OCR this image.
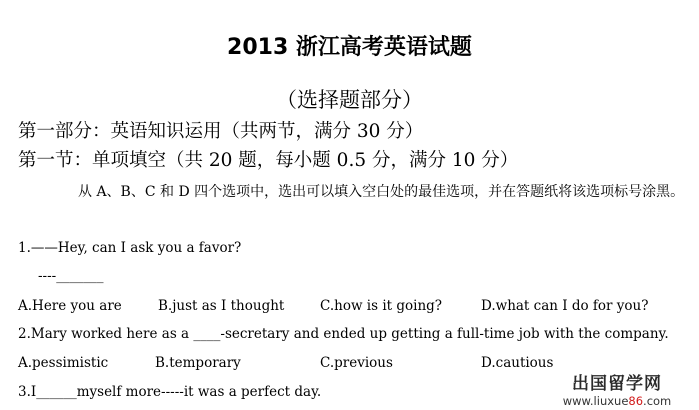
2013 浙江高考英语试题
（选择题部分）
第一部分：英语知识运用（共两节，满分 30 分）
第一节：单项填空（共 20 题，每小题 0.5 分，满分 10 分）
从 A、B、C 和 D 四个选项中，选出可以填入空白处的最佳选项，并在答题纸将该选项标号涂黑。
1.——Hey, can I ask you a favor?
----_______
A.Here you are	B.just as I thought	C.how is it going?	D.what can I do for you?
2.Mary worked here as a ____-secretary and ended up getting a full-time job with the company.
A.pessimistic	B.temporary	C.previous	D.cautious
3.I______myself more-----it was a perfect day.	出国留学网
www.liuxue86.com
